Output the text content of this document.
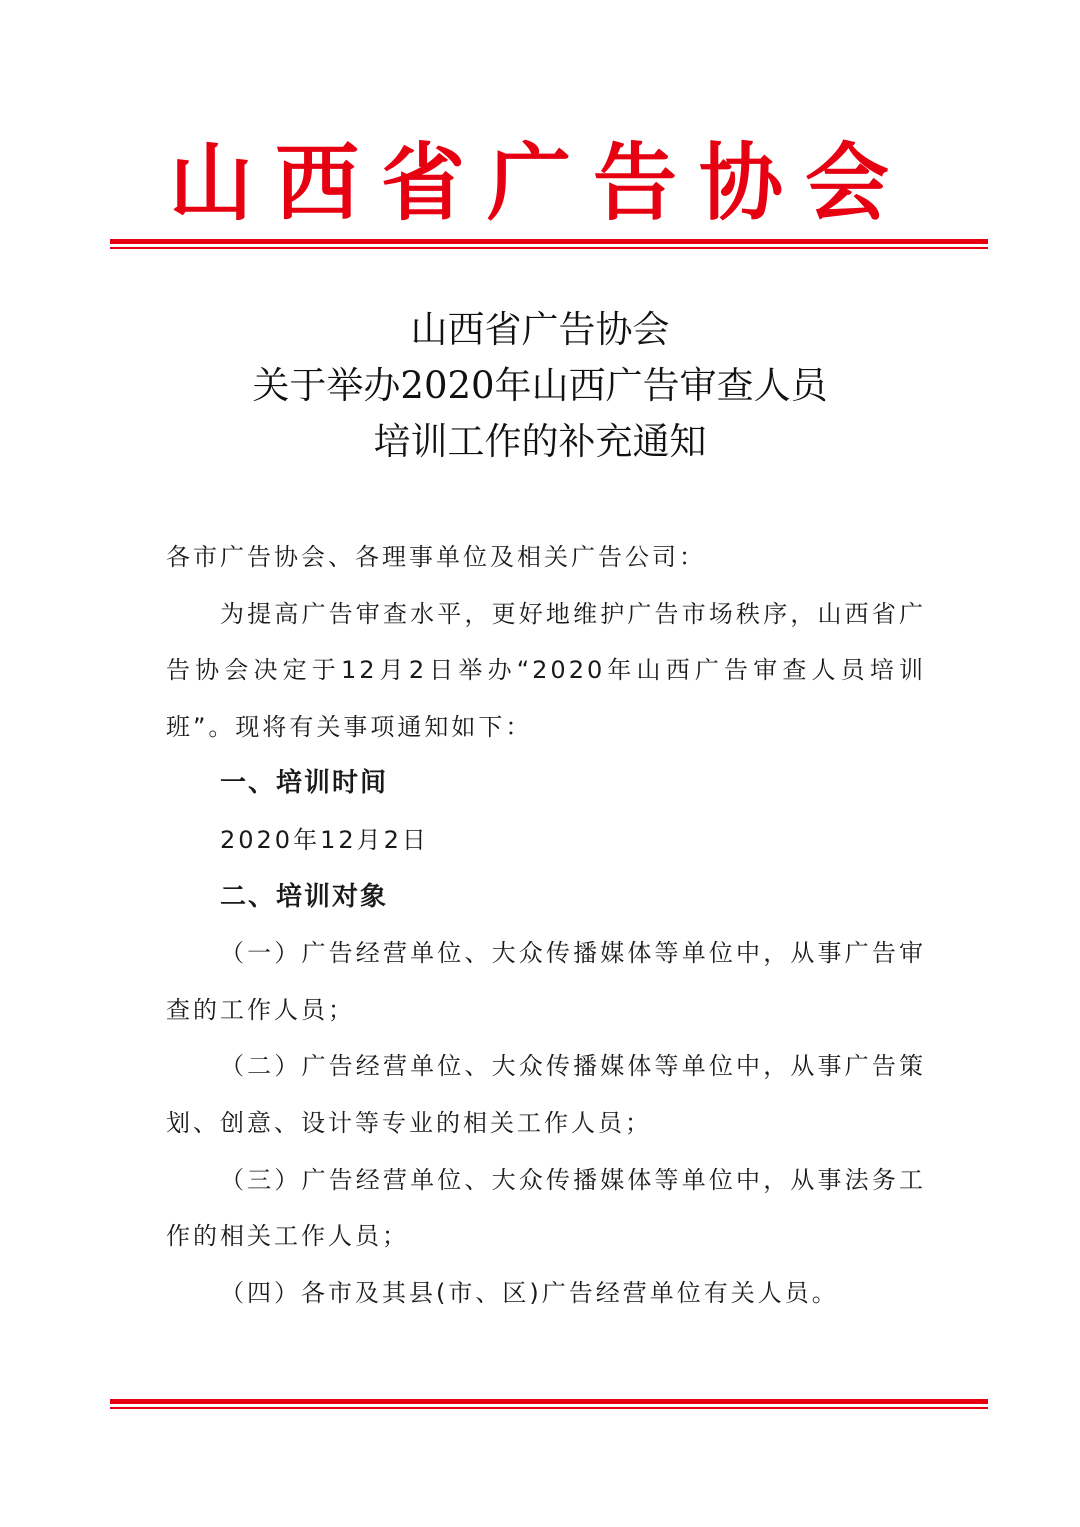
山西省广告协会
山西省广告协会
关于举办2020年山西广告审查人员
培训工作的补充通知

各市广告协会、各理事单位及相关广告公司：

为提高广告审查水平，更好地维护广告市场秩序，山西省广告协会决定于12月2日举办“2020年山西广告审查人员培训班”。现将有关事项通知如下：

一、培训时间

2020年12月2日

二、培训对象

（一）广告经营单位、大众传播媒体等单位中，从事广告审查的工作人员；

（二）广告经营单位、大众传播媒体等单位中，从事广告策划、创意、设计等专业的相关工作人员；

（三）广告经营单位、大众传播媒体等单位中，从事法务工作的相关工作人员；

（四）各市及其县(市、区)广告经营单位有关人员。
